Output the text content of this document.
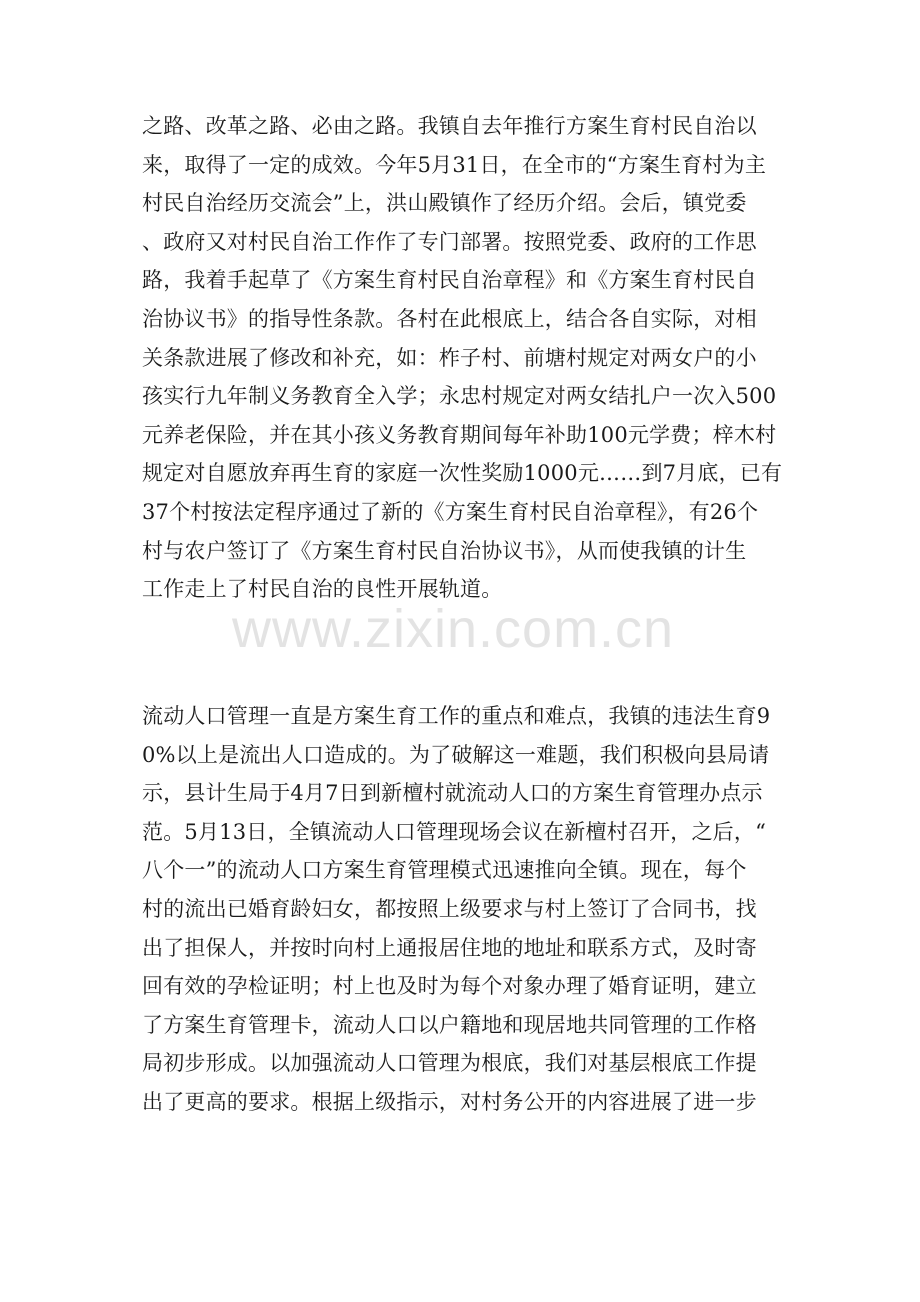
之路、改革之路、必由之路。我镇自去年推行方案生育村民自治以
来，取得了一定的成效。今年5月31日，在全市的“方案生育村为主
村民自治经历交流会”上，洪山殿镇作了经历介绍。会后，镇党委
、政府又对村民自治工作作了专门部署。按照党委、政府的工作思
路，我着手起草了《方案生育村民自治章程》和《方案生育村民自
治协议书》的指导性条款。各村在此根底上，结合各自实际，对相
关条款进展了修改和补充，如：柞子村、前塘村规定对两女户的小
孩实行九年制义务教育全入学；永忠村规定对两女结扎户一次入500
元养老保险，并在其小孩义务教育期间每年补助100元学费；梓木村
规定对自愿放弃再生育的家庭一次性奖励1000元……到7月底，已有
37个村按法定程序通过了新的《方案生育村民自治章程》，有26个
村与农户签订了《方案生育村民自治协议书》，从而使我镇的计生
工作走上了村民自治的良性开展轨道。
流动人口管理一直是方案生育工作的重点和难点，我镇的违法生育9
0%以上是流出人口造成的。为了破解这一难题，我们积极向县局请
示，县计生局于4月7日到新檀村就流动人口的方案生育管理办点示
范。5月13日，全镇流动人口管理现场会议在新檀村召开，之后，“
八个一”的流动人口方案生育管理模式迅速推向全镇。现在，每个
村的流出已婚育龄妇女，都按照上级要求与村上签订了合同书，找
出了担保人，并按时向村上通报居住地的地址和联系方式，及时寄
回有效的孕检证明；村上也及时为每个对象办理了婚育证明，建立
了方案生育管理卡，流动人口以户籍地和现居地共同管理的工作格
局初步形成。以加强流动人口管理为根底，我们对基层根底工作提
出了更高的要求。根据上级指示，对村务公开的内容进展了进一步
www.zixin.com.cn
